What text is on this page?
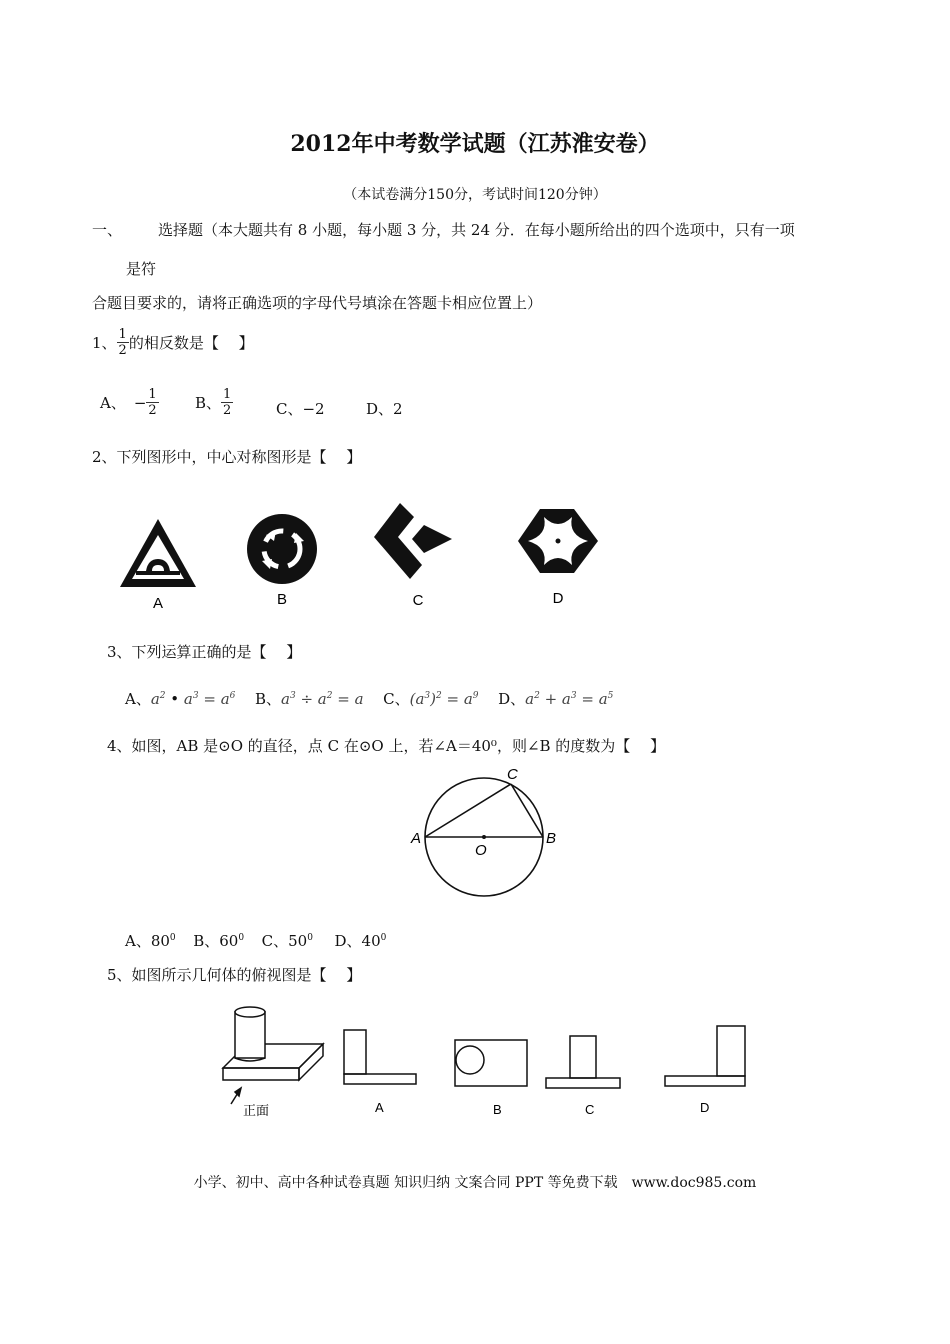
2012年中考数学试题（江苏淮安卷）
（本试卷满分150分，考试时间120分钟）
一、 选择题（本大题共有 8 小题，每小题 3 分，共 24 分．在每小题所给出的四个选项中，只有一项
是符
合题目要求的，请将正确选项的字母代号填涂在答题卡相应位置上）
1、 $\frac{1}{2}$ 的相反数是【　 】
A、 − $\frac{1}{2}$ B、 $\frac{1}{2}$	C、−2	D、2
2、下列图形中，中心对称图形是【　 】
A	B	C	D
3、下列运算正确的是【　 】
A、$a^2$ • $a^3 = a^6$ B、$a^3 \div a^2 = a$ C、$(a^3)^2 = a^9$ D、$a^2 + a^3 = a^5$
4、如图，AB 是⊙O 的直径，点 C 在⊙O 上，若∠A＝40⁰，则∠B 的度数为【　 】
A	B
C
O
A、$80^0$ B、$60^0$ C、$50^0$ D、$40^0$
5、如图所示几何体的俯视图是【　 】
正面	A	B	C	D
小学、初中、高中各种试卷真题 知识归纳 文案合同 PPT 等免费下载　www.doc985.com
